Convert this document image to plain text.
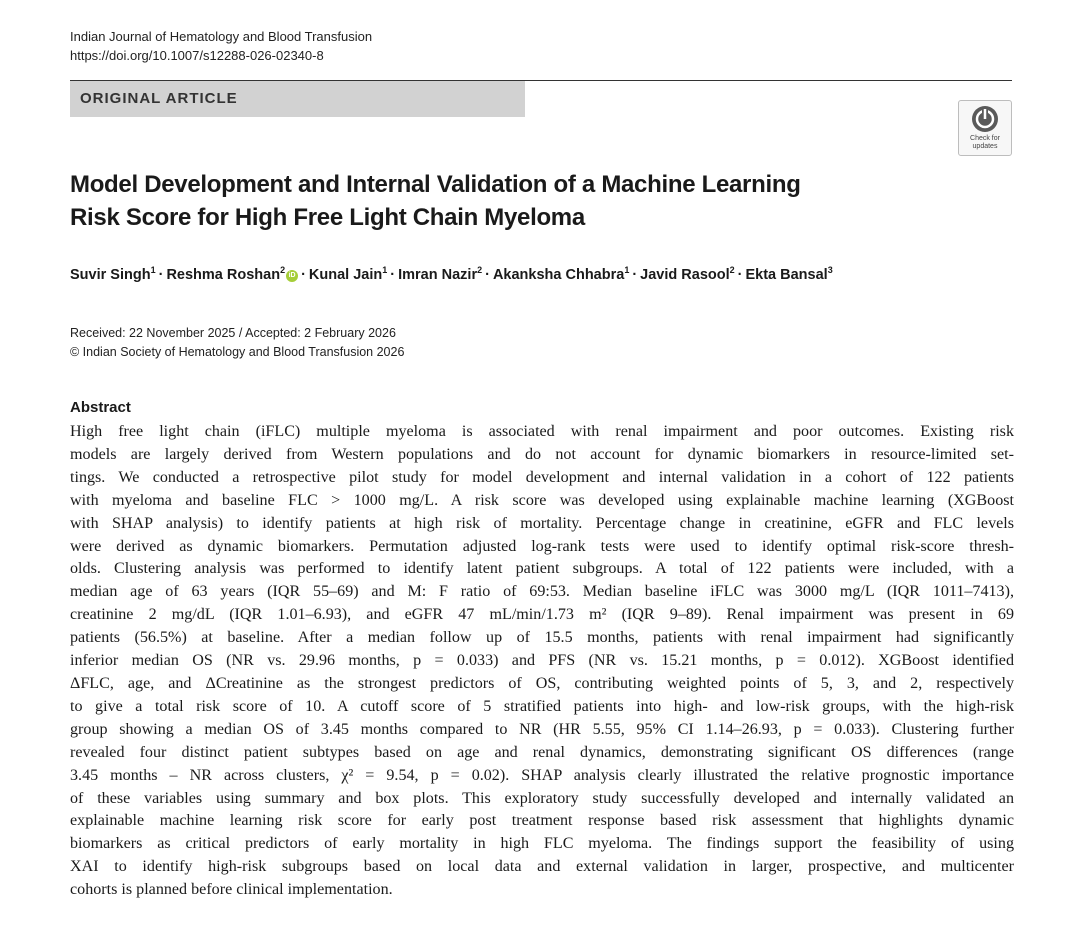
Indian Journal of Hematology and Blood Transfusion
https://doi.org/10.1007/s12288-026-02340-8
ORIGINAL ARTICLE
Check for
updates
Model Development and Internal Validation of a Machine Learning
Risk Score for High Free Light Chain Myeloma
Suvir Singh$^1$ · Reshma Roshan$^2$iD · Kunal Jain$^1$ · Imran Nazir$^2$ · Akanksha Chhabra$^1$ · Javid Rasool$^2$ · Ekta Bansal$^3$
Received: 22 November 2025 / Accepted: 2 February 2026
© Indian Society of Hematology and Blood Transfusion 2026
Abstract
High free light chain (iFLC) multiple myeloma is associated with renal impairment and poor outcomes. Existing risk
models are largely derived from Western populations and do not account for dynamic biomarkers in resource-limited set-
tings. We conducted a retrospective pilot study for model development and internal validation in a cohort of 122 patients
with myeloma and baseline FLC > 1000 mg/L. A risk score was developed using explainable machine learning (XGBoost
with SHAP analysis) to identify patients at high risk of mortality. Percentage change in creatinine, eGFR and FLC levels
were derived as dynamic biomarkers. Permutation adjusted log-rank tests were used to identify optimal risk-score thresh-
olds. Clustering analysis was performed to identify latent patient subgroups. A total of 122 patients were included, with a
median age of 63 years (IQR 55–69) and M: F ratio of 69:53. Median baseline iFLC was 3000 mg/L (IQR 1011–7413),
creatinine 2 mg/dL (IQR 1.01–6.93), and eGFR 47 mL/min/1.73 m² (IQR 9–89). Renal impairment was present in 69
patients (56.5%) at baseline. After a median follow up of 15.5 months, patients with renal impairment had significantly
inferior median OS (NR vs. 29.96 months, p = 0.033) and PFS (NR vs. 15.21 months, p = 0.012). XGBoost identified
ΔFLC, age, and ΔCreatinine as the strongest predictors of OS, contributing weighted points of 5, 3, and 2, respectively
to give a total risk score of 10. A cutoff score of 5 stratified patients into high- and low-risk groups, with the high-risk
group showing a median OS of 3.45 months compared to NR (HR 5.55, 95% CI 1.14–26.93, p = 0.033). Clustering further
revealed four distinct patient subtypes based on age and renal dynamics, demonstrating significant OS differences (range
3.45 months – NR across clusters, χ² = 9.54, p = 0.02). SHAP analysis clearly illustrated the relative prognostic importance
of these variables using summary and box plots. This exploratory study successfully developed and internally validated an
explainable machine learning risk score for early post treatment response based risk assessment that highlights dynamic
biomarkers as critical predictors of early mortality in high FLC myeloma. The findings support the feasibility of using
XAI to identify high-risk subgroups based on local data and external validation in larger, prospective, and multicenter
cohorts is planned before clinical implementation.
